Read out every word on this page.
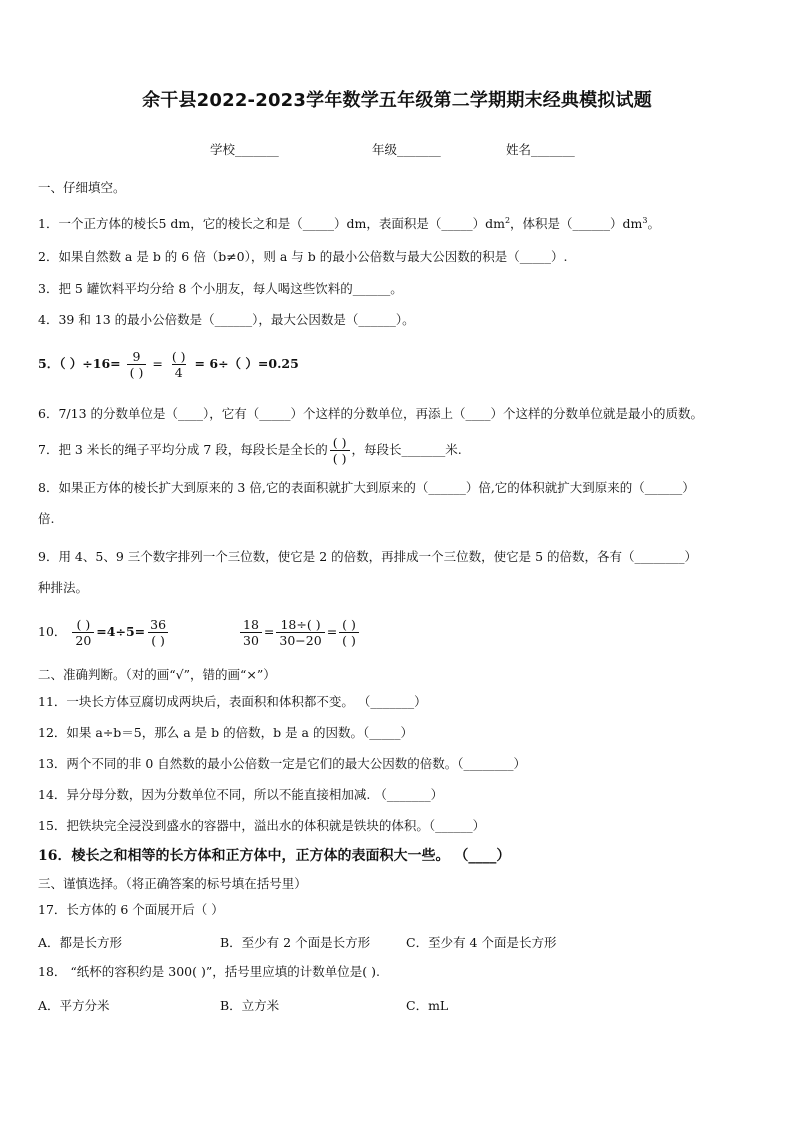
余干县2022-2023学年数学五年级第二学期期末经典模拟试题
学校_______	年级_______	姓名_______
一、仔细填空。
1．一个正方体的棱长5 dm，它的棱长之和是（_____）dm，表面积是$(\_\_\_\_\_)dm^2$，体积是$(\_\_\_\_\_\_)dm^3$。
2．如果自然数 a 是 b 的 6 倍（b≠0），则 a 与 b 的最小公倍数与最大公因数的积是（_____）.
3．把 5 罐饮料平均分给 8 个小朋友，每人喝这些饮料的______。
4．39 和 13 的最小公倍数是（______），最大公因数是（______）。
5．（ ）$\div 16= \frac{9}{( )} = \frac{( )}{4} = 6\div$（ ）=0.25
6．7/13 的分数单位是（____），它有（_____）个这样的分数单位，再添上（____）个这样的分数单位就是最小的质数。
7．把 3 米长的绳子平均分成 7 段，每段长是全长的 $\frac{( )}{( )}$ ，每段长_______米.
8．如果正方体的棱长扩大到原来的 3 倍,它的表面积就扩大到原来的（______）倍,它的体积就扩大到原来的（______）
倍.
9．用 4、5、9 三个数字排列一个三位数，使它是 2 的倍数，再排成一个三位数，使它是 5 的倍数，各有（________）
种排法。
10． $\frac{( )}{20} =4\div 5= \frac{36}{( )}$	$\frac{18}{30} = \frac{18\div( )}{30-20} = \frac{( )}{( )}$
二、准确判断。（对的画“√”，错的画“×”）
11．一块长方体豆腐切成两块后，表面积和体积都不变。 （_______）
12．如果 a÷b＝5，那么 a 是 b 的倍数，b 是 a 的因数。（_____）
13．两个不同的非 0 自然数的最小公倍数一定是它们的最大公因数的倍数。（________）
14．异分母分数，因为分数单位不同，所以不能直接相加减. （_______）
15．把铁块完全浸没到盛水的容器中，溢出水的体积就是铁块的体积。（______）
16．棱长之和相等的长方体和正方体中，正方体的表面积大一些。 （____）
三、谨慎选择。（将正确答案的标号填在括号里）
17．长方体的 6 个面展开后（ ）
A．都是长方形	B．至少有 2 个面是长方形	C．至少有 4 个面是长方形
18． “纸杯的容积约是 300( )”，括号里应填的计数单位是( ).
A．平方分米	B．立方米	C．mL
